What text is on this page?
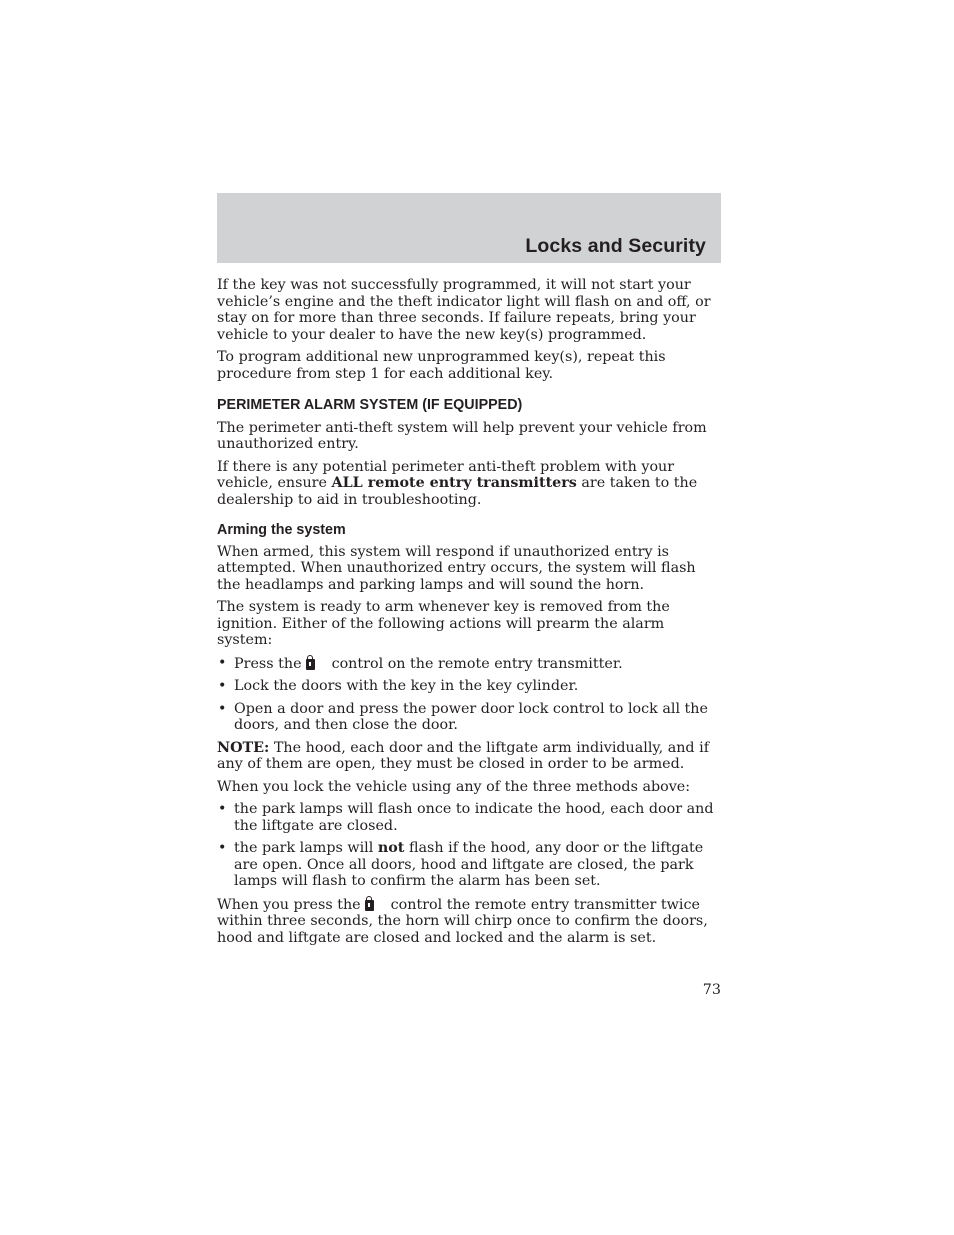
Locks and Security

If the key was not successfully programmed, it will not start your vehicle’s engine and the theft indicator light will flash on and off, or stay on for more than three seconds. If failure repeats, bring your vehicle to your dealer to have the new key(s) programmed.

To program additional new unprogrammed key(s), repeat this procedure from step 1 for each additional key.

PERIMETER ALARM SYSTEM (IF EQUIPPED)

The perimeter anti-theft system will help prevent your vehicle from unauthorized entry.

If there is any potential perimeter anti-theft problem with your vehicle, ensure ALL remote entry transmitters are taken to the dealership to aid in troubleshooting.

Arming the system

When armed, this system will respond if unauthorized entry is attempted. When unauthorized entry occurs, the system will flash the headlamps and parking lamps and will sound the horn.

The system is ready to arm whenever key is removed from the ignition. Either of the following actions will prearm the alarm system:

• Press the control on the remote entry transmitter.
• Lock the doors with the key in the key cylinder.
• Open a door and press the power door lock control to lock all the doors, and then close the door.

NOTE: The hood, each door and the liftgate arm individually, and if any of them are open, they must be closed in order to be armed.

When you lock the vehicle using any of the three methods above:

• the park lamps will flash once to indicate the hood, each door and the liftgate are closed.
• the park lamps will not flash if the hood, any door or the liftgate are open. Once all doors, hood and liftgate are closed, the park lamps will flash to confirm the alarm has been set.

When you press the control the remote entry transmitter twice within three seconds, the horn will chirp once to confirm the doors, hood and liftgate are closed and locked and the alarm is set.

73
